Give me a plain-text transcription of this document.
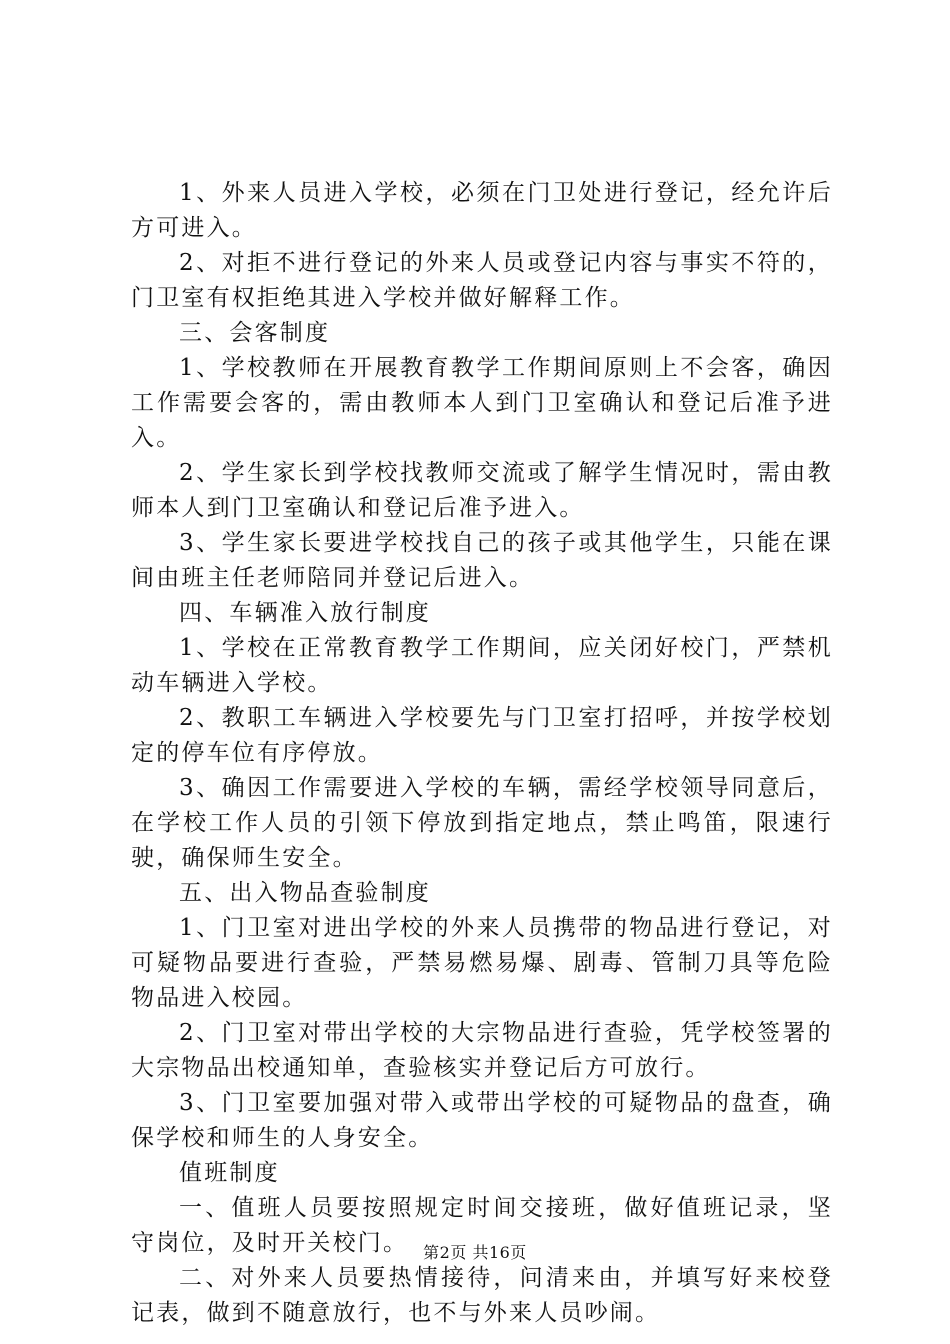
1、外来人员进入学校，必须在门卫处进行登记，经允许后方可进入。

2、对拒不进行登记的外来人员或登记内容与事实不符的，门卫室有权拒绝其进入学校并做好解释工作。

三、会客制度

1、学校教师在开展教育教学工作期间原则上不会客，确因工作需要会客的，需由教师本人到门卫室确认和登记后准予进入。

2、学生家长到学校找教师交流或了解学生情况时，需由教师本人到门卫室确认和登记后准予进入。

3、学生家长要进学校找自己的孩子或其他学生，只能在课间由班主任老师陪同并登记后进入。

四、车辆准入放行制度

1、学校在正常教育教学工作期间，应关闭好校门，严禁机动车辆进入学校。

2、教职工车辆进入学校要先与门卫室打招呼，并按学校划定的停车位有序停放。

3、确因工作需要进入学校的车辆，需经学校领导同意后，在学校工作人员的引领下停放到指定地点，禁止鸣笛，限速行驶，确保师生安全。

五、出入物品查验制度

1、门卫室对进出学校的外来人员携带的物品进行登记，对可疑物品要进行查验，严禁易燃易爆、剧毒、管制刀具等危险物品进入校园。

2、门卫室对带出学校的大宗物品进行查验，凭学校签署的大宗物品出校通知单，查验核实并登记后方可放行。

3、门卫室要加强对带入或带出学校的可疑物品的盘查，确保学校和师生的人身安全。

值班制度

一、值班人员要按照规定时间交接班，做好值班记录，坚守岗位，及时开关校门。

二、对外来人员要热情接待，问清来由，并填写好来校登记表，做到不随意放行，也不与外来人员吵闹。

第2页 共16页
